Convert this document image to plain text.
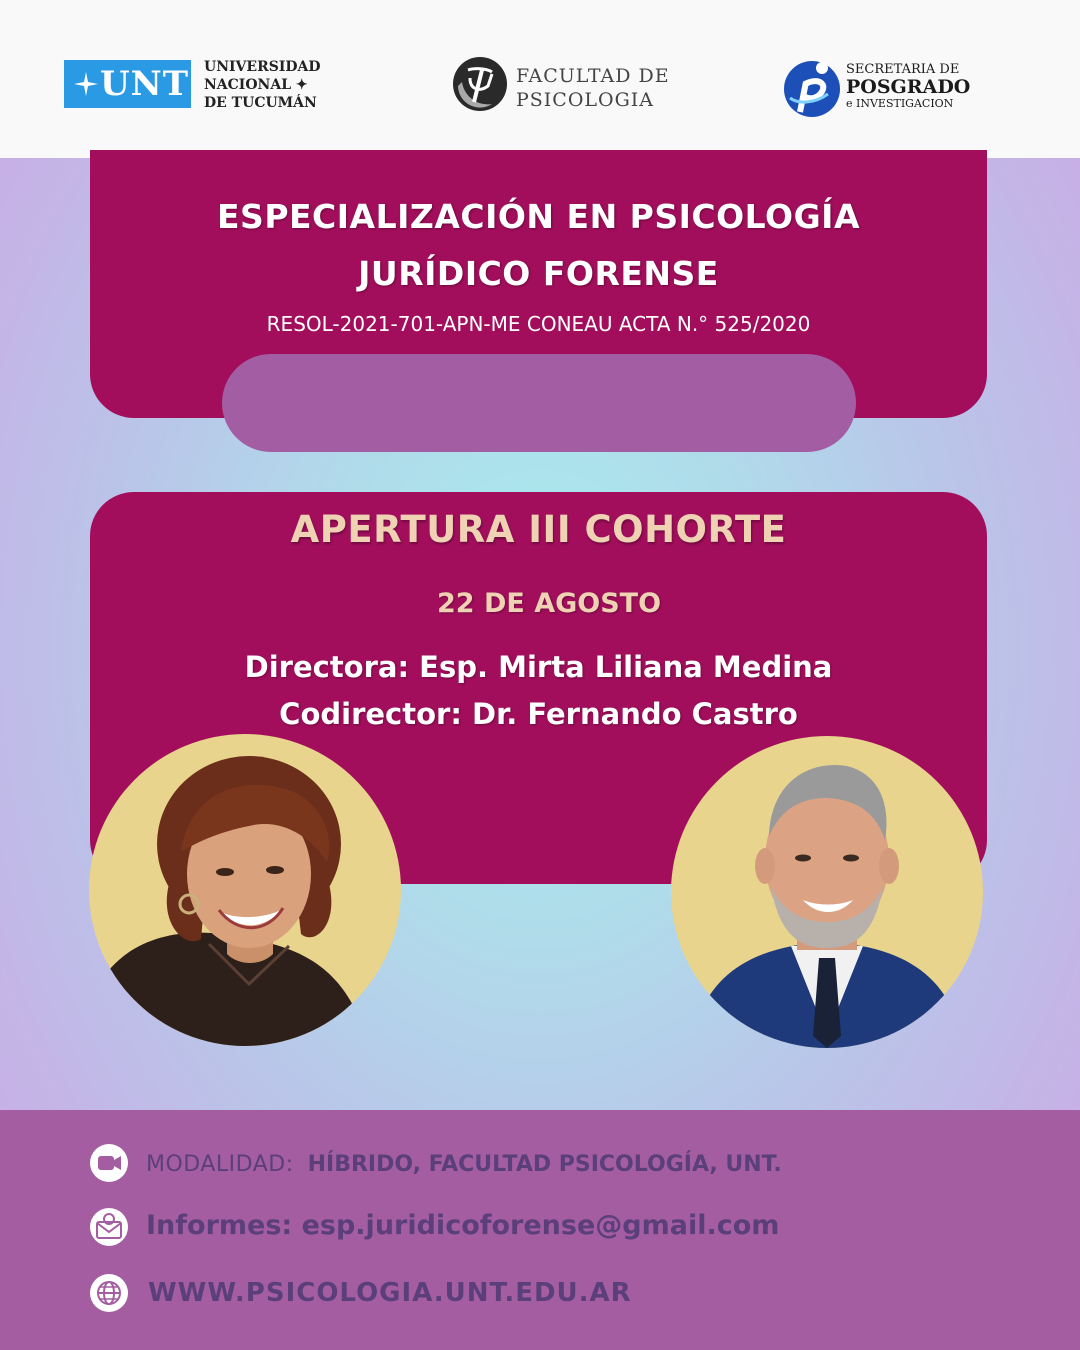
UNT UNIVERSIDAD
NACIONAL ✦
DE TUCUMÁN
FACULTAD DE
PSICOLOGIA
SECRETARIA DE
POSGRADO
e INVESTIGACION
ESPECIALIZACIÓN EN PSICOLOGÍA
JURÍDICO FORENSE
RESOL-2021-701-APN-ME CONEAU ACTA N.° 525/2020
APERTURA III COHORTE
22 DE AGOSTO
Directora: Esp. Mirta Liliana Medina
Codirector: Dr. Fernando Castro
MODALIDAD: HÍBRIDO, FACULTAD PSICOLOGÍA, UNT.
Informes: esp.juridicoforense@gmail.com
WWW.PSICOLOGIA.UNT.EDU.AR
